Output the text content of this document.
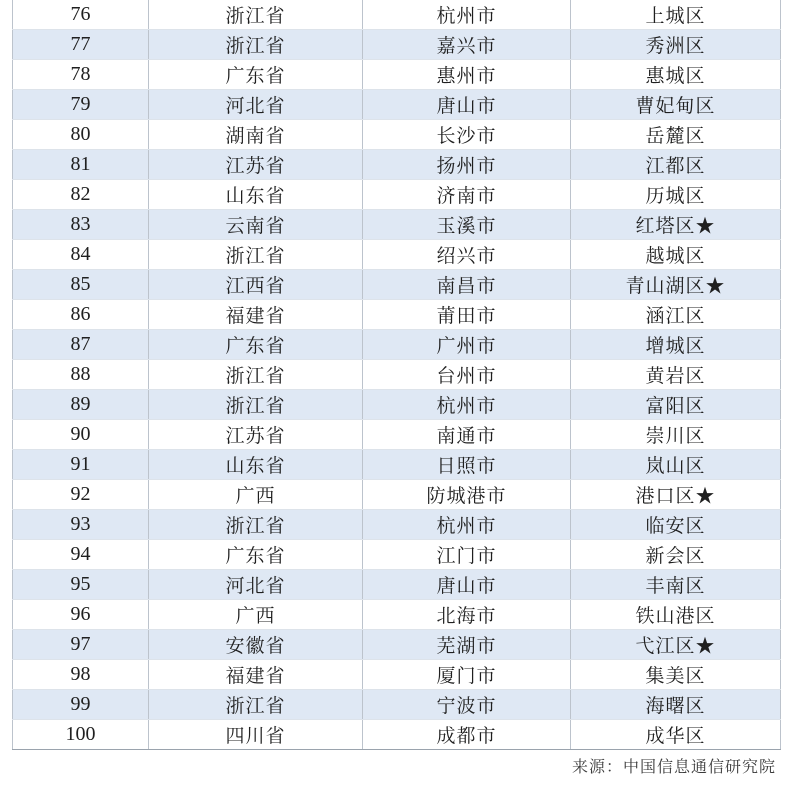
76	浙江省	杭州市	上城区
77	浙江省	嘉兴市	秀洲区
78	广东省	惠州市	惠城区
79	河北省	唐山市	曹妃甸区
80	湖南省	长沙市	岳麓区
81	江苏省	扬州市	江都区
82	山东省	济南市	历城区
83	云南省	玉溪市	红塔区★
84	浙江省	绍兴市	越城区
85	江西省	南昌市	青山湖区★
86	福建省	莆田市	涵江区
87	广东省	广州市	增城区
88	浙江省	台州市	黄岩区
89	浙江省	杭州市	富阳区
90	江苏省	南通市	崇川区
91	山东省	日照市	岚山区
92	广西	防城港市	港口区★
93	浙江省	杭州市	临安区
94	广东省	江门市	新会区
95	河北省	唐山市	丰南区
96	广西	北海市	铁山港区
97	安徽省	芜湖市	弋江区★
98	福建省	厦门市	集美区
99	浙江省	宁波市	海曙区
100	四川省	成都市	成华区
来源：中国信息通信研究院
